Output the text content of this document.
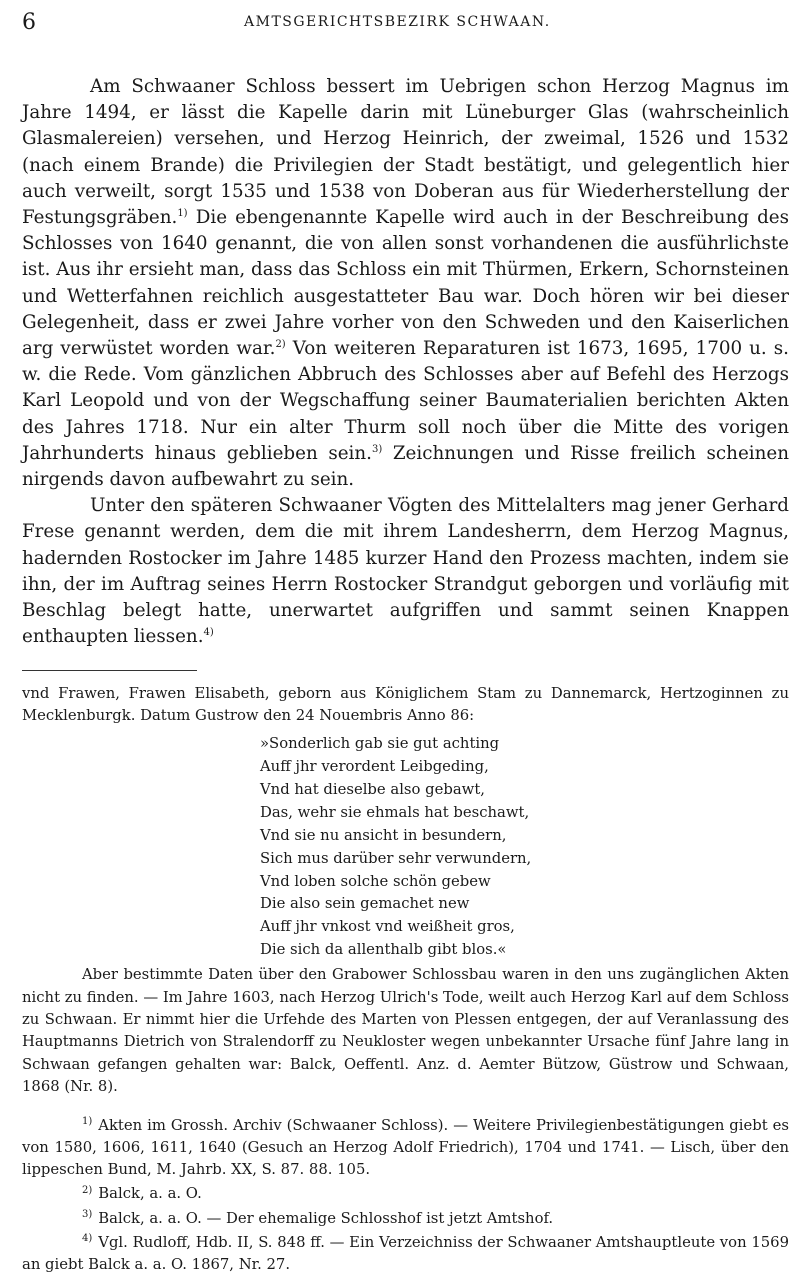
6	AMTSGERICHTSBEZIRK SCHWAAN.

Am Schwaaner Schloss bessert im Uebrigen schon Herzog Magnus im Jahre 1494, er lässt die Kapelle darin mit Lüneburger Glas (wahrscheinlich Glasmalereien) versehen, und Herzog Heinrich, der zweimal, 1526 und 1532 (nach einem Brande) die Privilegien der Stadt bestätigt, und gelegentlich hier auch verweilt, sorgt 1535 und 1538 von Doberan aus für Wiederherstellung der Festungsgräben.$^{1)}$ Die ebengenannte Kapelle wird auch in der Beschreibung des Schlosses von 1640 genannt, die von allen sonst vorhandenen die ausführlichste ist. Aus ihr ersieht man, dass das Schloss ein mit Thürmen, Erkern, Schornsteinen und Wetterfahnen reichlich ausgestatteter Bau war. Doch hören wir bei dieser Gelegenheit, dass er zwei Jahre vorher von den Schweden und den Kaiserlichen arg verwüstet worden war.$^{2)}$ Von weiteren Reparaturen ist 1673, 1695, 1700 u. s. w. die Rede. Vom gänzlichen Abbruch des Schlosses aber auf Befehl des Herzogs Karl Leopold und von der Wegschaffung seiner Baumaterialien berichten Akten des Jahres 1718. Nur ein alter Thurm soll noch über die Mitte des vorigen Jahrhunderts hinaus geblieben sein.$^{3)}$ Zeichnungen und Risse freilich scheinen nirgends davon aufbewahrt zu sein.

Unter den späteren Schwaaner Vögten des Mittelalters mag jener Gerhard Frese genannt werden, dem die mit ihrem Landesherrn, dem Herzog Magnus, hadernden Rostocker im Jahre 1485 kurzer Hand den Prozess machten, indem sie ihn, der im Auftrag seines Herrn Rostocker Strandgut geborgen und vorläufig mit Beschlag belegt hatte, unerwartet aufgriffen und sammt seinen Knappen enthaupten liessen.$^{4)}$

vnd Frawen, Frawen Elisabeth, geborn aus Königlichem Stam zu Dannemarck, Hertzoginnen zu Mecklenburgk. Datum Gustrow den 24 Nouembris Anno 86:
»Sonderlich gab sie gut achting
Auff jhr verordent Leibgeding,
Vnd hat dieselbe also gebawt,
Das, wehr sie ehmals hat beschawt,
Vnd sie nu ansicht in besundern,
Sich mus darüber sehr verwundern,
Vnd loben solche schön gebew
Die also sein gemachet new
Auff jhr vnkost vnd weißheit gros,
Die sich da allenthalb gibt blos.«

Aber bestimmte Daten über den Grabower Schlossbau waren in den uns zugänglichen Akten nicht zu finden. — Im Jahre 1603, nach Herzog Ulrich's Tode, weilt auch Herzog Karl auf dem Schloss zu Schwaan. Er nimmt hier die Urfehde des Marten von Plessen entgegen, der auf Veranlassung des Hauptmanns Dietrich von Stralendorff zu Neukloster wegen unbekannter Ursache fünf Jahre lang in Schwaan gefangen gehalten war: Balck, Oeffentl. Anz. d. Aemter Bützow, Güstrow und Schwaan, 1868 (Nr. 8).

$^{1)}$ Akten im Grossh. Archiv (Schwaaner Schloss). — Weitere Privilegienbestätigungen giebt es von 1580, 1606, 1611, 1640 (Gesuch an Herzog Adolf Friedrich), 1704 und 1741. — Lisch, über den lippeschen Bund, M. Jahrb. XX, S. 87. 88. 105.
$^{2)}$ Balck, a. a. O.
$^{3)}$ Balck, a. a. O. — Der ehemalige Schlosshof ist jetzt Amtshof.
$^{4)}$ Vgl. Rudloff, Hdb. II, S. 848 ff. — Ein Verzeichniss der Schwaaner Amtshauptleute von 1569 an giebt Balck a. a. O. 1867, Nr. 27.
